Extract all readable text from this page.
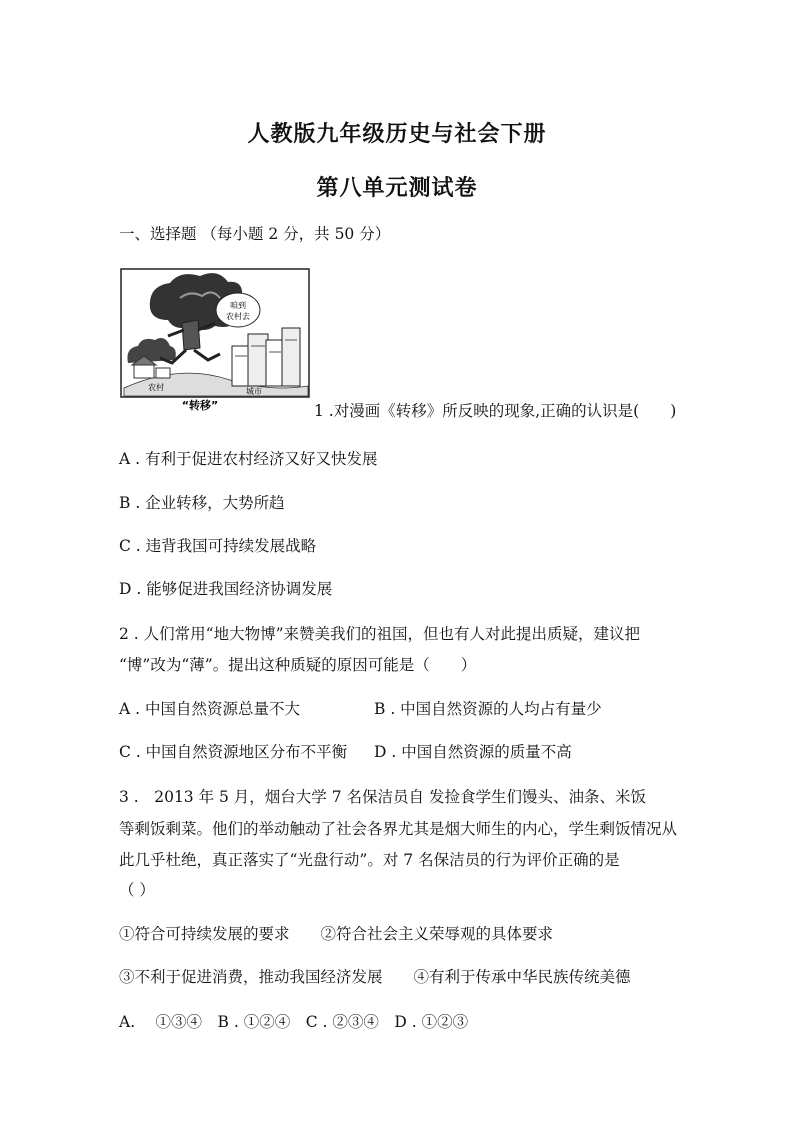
人教版九年级历史与社会下册
第八单元测试卷
一、选择题 （每小题 2 分，共 50 分）
咱到
农村去
农村	城市
“转移”	1 .对漫画《转移》所反映的现象,正确的认识是(　　)
A . 有利于促进农村经济又好又快发展
B . 企业转移，大势所趋
C . 违背我国可持续发展战略
D . 能够促进我国经济协调发展
2 . 人们常用“地大物博”来赞美我们的祖国，但也有人对此提出质疑，建议把
“博”改为“薄”。提出这种质疑的原因可能是（　　）
A . 中国自然资源总量不大	B . 中国自然资源的人均占有量少
C . 中国自然资源地区分布不平衡 D . 中国自然资源的质量不高
3 .　2013 年 5 月，烟台大学 7 名保洁员自 发捡食学生们馒头、油条、米饭
等剩饭剩菜。他们的举动触动了社会各界尤其是烟大师生的内心，学生剩饭情况从
此几乎杜绝，真正落实了“光盘行动”。对 7 名保洁员的行为评价正确的是
（ ）
①符合可持续发展的要求　　②符合社会主义荣辱观的具体要求
③不利于促进消费，推动我国经济发展　　④有利于传承中华民族传统美德
A.　 ①③④　B . ①②④　C . ②③④　D . ①②③
